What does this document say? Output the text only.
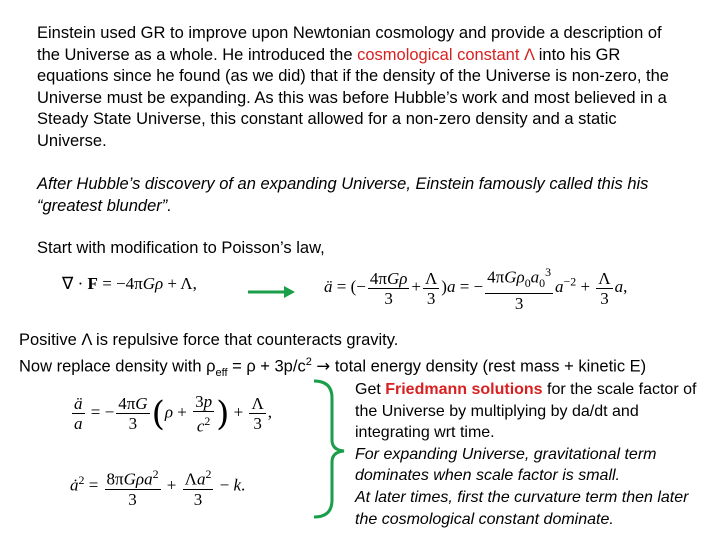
Einstein used GR to improve upon Newtonian cosmology and provide a description of the Universe as a whole. He introduced the cosmological constant Λ into his GR equations since he found (as we did) that if the density of the Universe is non-zero, the Universe must be expanding. As this was before Hubble’s work and most believed in a Steady State Universe, this constant allowed for a non-zero density and a static Universe.
After Hubble’s discovery of an expanding Universe, Einstein famously called this his “greatest blunder”.
Start with modification to Poisson’s law,
∇ · F = −4πGρ + Λ,	ä = (− $\frac{\text{4πGρ}}{3} + \frac{\Lambda}{3} )a$ = − $\frac{4\pi G\rho_0a_0^3}{3} a^{-2} + \frac{\Lambda}{3} a$,
Positive Λ is repulsive force that counteracts gravity.
Now replace density with $\rho_{eff} = \rho + 3p/c^2$ → total energy density (rest mass + kinetic E)
$\frac{ä}{a}$ = − $\frac{4\pi G}{3} (\rho + \frac{3p}{c^2}$ ) + $\frac{\Lambda}{3}$ ,
$ȧ^2 = \frac{8\pi G\rho a^2}{3} + \frac{\Lambda a^2}{3} - k$.
Get Friedmann solutions for the scale factor of the Universe by multiplying by da/dt and integrating wrt time.
For expanding Universe, gravitational term dominates when scale factor is small.
At later times, first the curvature term then later the cosmological constant dominate.
